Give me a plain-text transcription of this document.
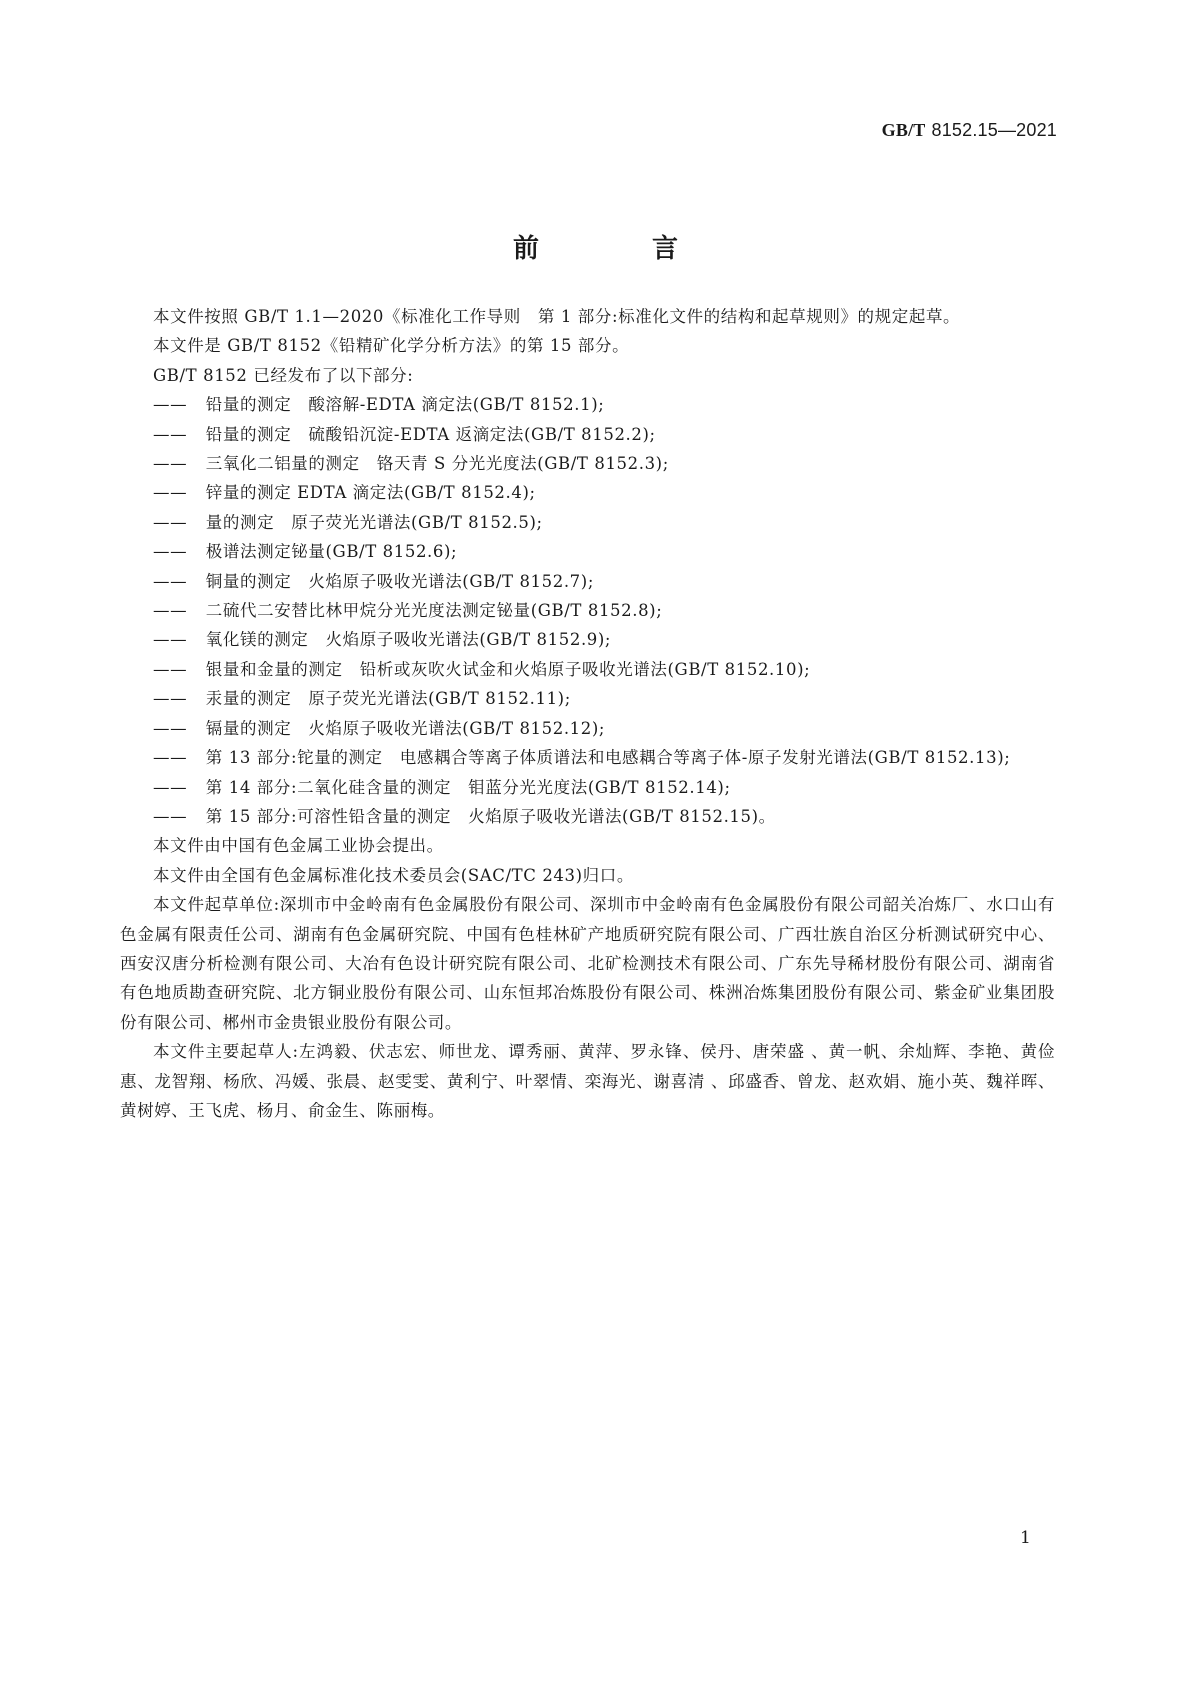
GB/T 8152.15—2021
前 言

本文件按照 GB/T 1.1—2020《标准化工作导则　第 1 部分:标准化文件的结构和起草规则》的规定起草。

本文件是 GB/T 8152《铅精矿化学分析方法》的第 15 部分。

GB/T 8152 已经发布了以下部分:

—— 铅量的测定　酸溶解-EDTA 滴定法(GB/T 8152.1);

—— 铅量的测定　硫酸铅沉淀-EDTA 返滴定法(GB/T 8152.2);

—— 三氧化二铝量的测定　铬天青 S 分光光度法(GB/T 8152.3);

—— 锌量的测定 EDTA 滴定法(GB/T 8152.4);

—— 量的测定　原子荧光光谱法(GB/T 8152.5);

—— 极谱法测定铋量(GB/T 8152.6);

—— 铜量的测定　火焰原子吸收光谱法(GB/T 8152.7);

—— 二硫代二安替比林甲烷分光光度法测定铋量(GB/T 8152.8);

—— 氧化镁的测定　火焰原子吸收光谱法(GB/T 8152.9);

—— 银量和金量的测定　铅析或灰吹火试金和火焰原子吸收光谱法(GB/T 8152.10);

—— 汞量的测定　原子荧光光谱法(GB/T 8152.11);

—— 镉量的测定　火焰原子吸收光谱法(GB/T 8152.12);

—— 第 13 部分:铊量的测定　电感耦合等离子体质谱法和电感耦合等离子体-原子发射光谱法(GB/T 8152.13);

—— 第 14 部分:二氧化硅含量的测定　钼蓝分光光度法(GB/T 8152.14);

—— 第 15 部分:可溶性铅含量的测定　火焰原子吸收光谱法(GB/T 8152.15)。

本文件由中国有色金属工业协会提出。

本文件由全国有色金属标准化技术委员会(SAC/TC 243)归口。

本文件起草单位:深圳市中金岭南有色金属股份有限公司、深圳市中金岭南有色金属股份有限公司韶关冶炼厂、水口山有色金属有限责任公司、湖南有色金属研究院、中国有色桂林矿产地质研究院有限公司、广西壮族自治区分析测试研究中心、西安汉唐分析检测有限公司、大冶有色设计研究院有限公司、北矿检测技术有限公司、广东先导稀材股份有限公司、湖南省有色地质勘查研究院、北方铜业股份有限公司、山东恒邦冶炼股份有限公司、株洲冶炼集团股份有限公司、紫金矿业集团股份有限公司、郴州市金贵银业股份有限公司。

本文件主要起草人:左鸿毅、伏志宏、师世龙、谭秀丽、黄萍、罗永锋、侯丹、唐荣盛 、黄一帆、余灿辉、李艳、黄俭惠、龙智翔、杨欣、冯媛、张晨、赵雯雯、黄利宁、叶翠情、栾海光、谢喜清 、邱盛香、曾龙、赵欢娟、施小英、魏祥晖、黄树婷、王飞虎、杨月、俞金生、陈丽梅。

1
